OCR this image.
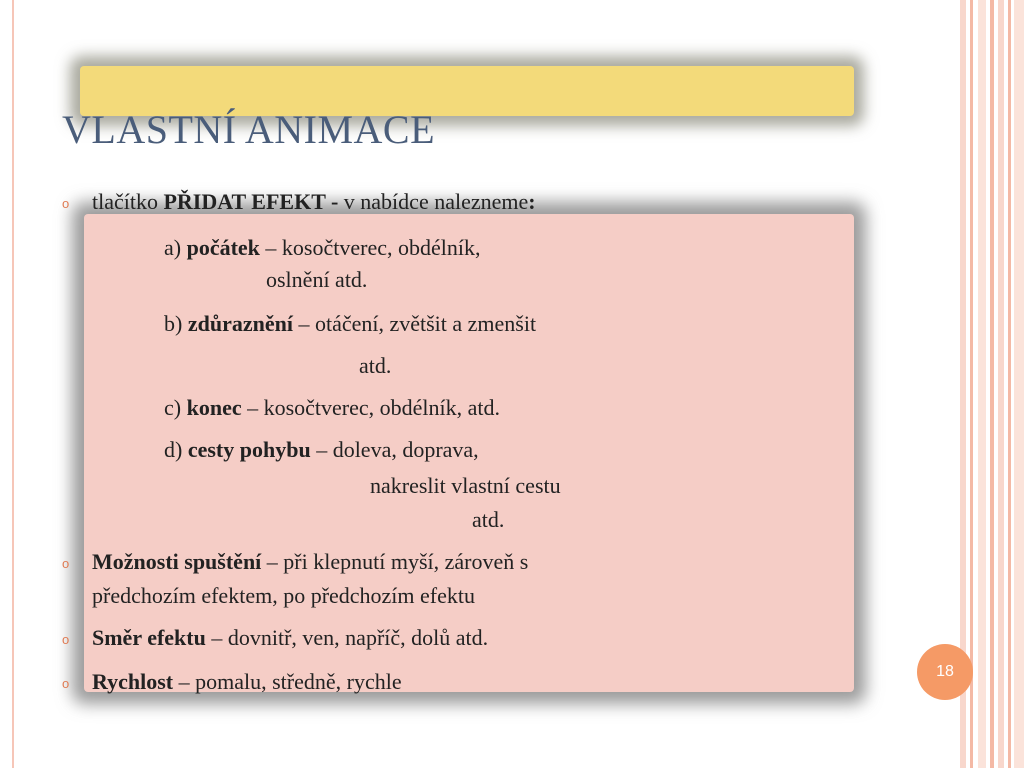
VLASTNÍ ANIMACE
o tlačítko PŘIDAT EFEKT - v nabídce nalezneme:
a) počátek – kosočtverec, obdélník,
oslnění atd.
b) zdůraznění – otáčení, zvětšit a zmenšit
atd.
c) konec – kosočtverec, obdélník, atd.
d) cesty pohybu – doleva, doprava,
nakreslit vlastní cestu
atd.
o Možnosti spuštění – při klepnutí myší, zároveň s
předchozím efektem, po předchozím efektu
o Směr efektu – dovnitř, ven, napříč, dolů atd.
o Rychlost – pomalu, středně, rychle	18
